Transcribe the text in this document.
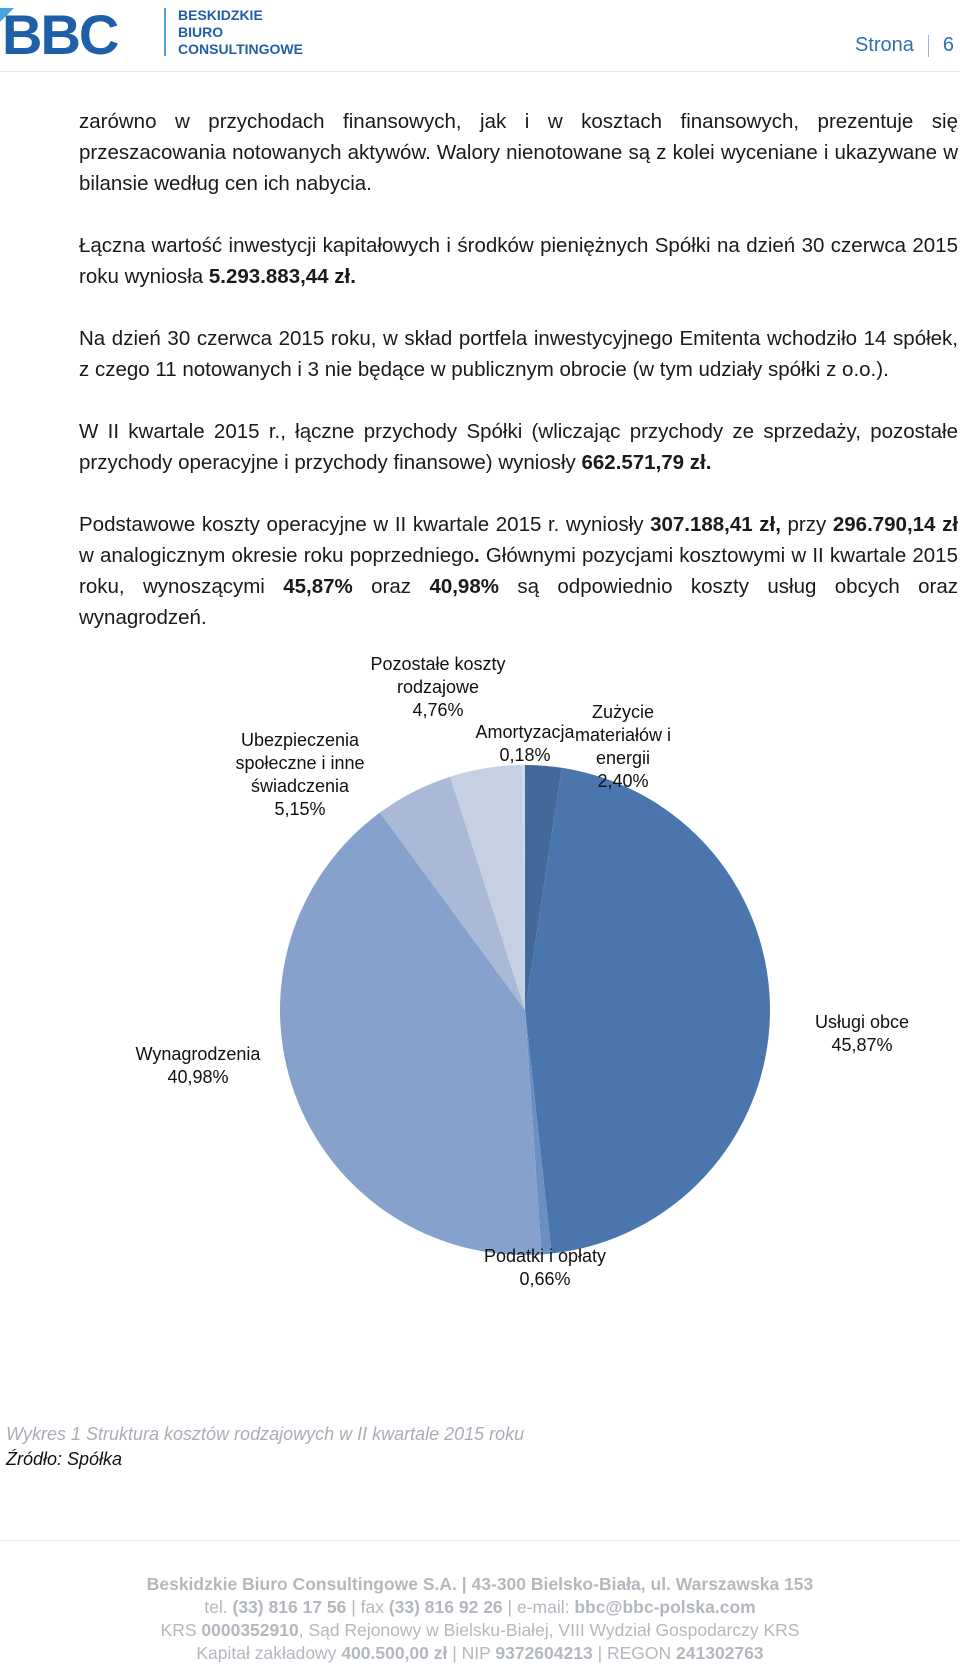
BBC	BESKIDZKIE
BIURO
CONSULTINGOWE	Strona 6

zarówno w przychodach finansowych, jak i w kosztach finansowych, prezentuje się przeszacowania notowanych aktywów. Walory nienotowane są z kolei wyceniane i ukazywane w bilansie według cen ich nabycia.

Łączna wartość inwestycji kapitałowych i środków pieniężnych Spółki na dzień 30 czerwca 2015 roku wyniosła 5.293.883,44 zł.

Na dzień 30 czerwca 2015 roku, w skład portfela inwestycyjnego Emitenta wchodziło 14 spółek, z czego 11 notowanych i 3 nie będące w publicznym obrocie (w tym udziały spółki z o.o.).

W II kwartale 2015 r., łączne przychody Spółki (wliczając przychody ze sprzedaży, pozostałe przychody operacyjne i przychody finansowe) wyniosły 662.571,79 zł.

Podstawowe koszty operacyjne w II kwartale 2015 r. wyniosły 307.188,41 zł, przy 296.790,14 zł w analogicznym okresie roku poprzedniego. Głównymi pozycjami kosztowymi w II kwartale 2015 roku, wynoszącymi 45,87% oraz 40,98% są odpowiednio koszty usług obcych oraz wynagrodzeń.

Zużycie materiałów i energii 2,40%
Usługi obce 45,87%
Podatki i opłaty 0,66%
Wynagrodzenia 40,98%
Ubezpieczenia społeczne i inne świadczenia 5,15%
Pozostałe koszty rodzajowe 4,76%
Amortyzacja 0,18%
Wykres 1 Struktura kosztów rodzajowych w II kwartale 2015 roku
Źródło: Spółka
Beskidzkie Biuro Consultingowe S.A. | 43-300 Bielsko-Biała, ul. Warszawska 153
tel. (33) 816 17 56 | fax (33) 816 92 26 | e-mail: bbc@bbc-polska.com
KRS 0000352910, Sąd Rejonowy w Bielsku-Białej, VIII Wydział Gospodarczy KRS
Kapitał zakładowy 400.500,00 zł | NIP 9372604213 | REGON 241302763
